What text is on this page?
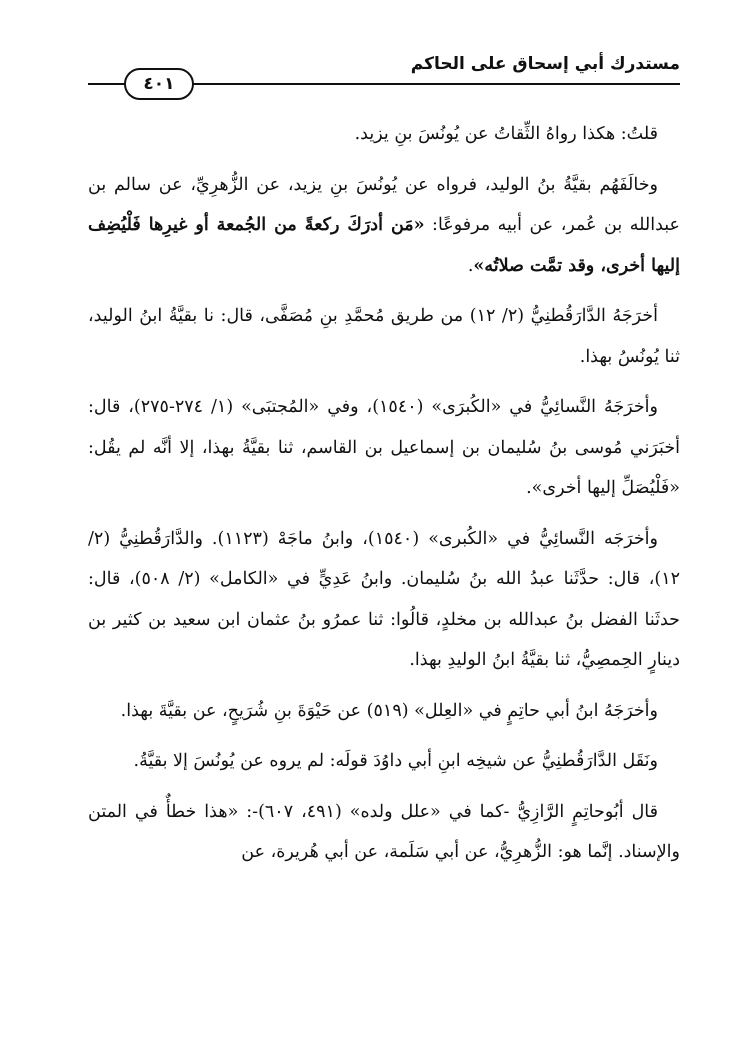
مستدرك أبي إسحاق على الحاكم
٤٠١

قلتُ: هكذا رواهُ الثِّقاتُ عن يُونُسَ بنِ يزيد.

وخالَفَهُم بقيَّةُ بنُ الوليد، فرواه عن يُونُسَ بنِ يزيد، عن الزُّهرِيِّ، عن سالم بن عبدالله بن عُمر، عن أبيه مرفوعًا: «مَن أدرَكَ ركعةً من الجُمعة أو غيرِها فَلْيُضِف إليها أخرى، وقد تمَّت صلاتُه».

أخرَجَهُ الدَّارَقُطنِيُّ (٢/ ١٢) من طريق مُحمَّدِ بنِ مُصَفَّى، قال: نا بقيَّةُ ابنُ الوليد، ثنا يُونُسُ بهذا.

وأخرَجَهُ النَّسائِيُّ في «الكُبرَى» (١٥٤٠)، وفي «المُجتبَى» (١/ ٢٧٤-٢٧٥)، قال: أخبَرَني مُوسى بنُ سُليمان بن إسماعيل بن القاسم، ثنا بقيَّةُ بهذا، إلا أنَّه لم يقُل: «فَلْيُصَلِّ إليها أخرى».

وأخرَجَه النَّسائِيُّ في «الكُبرى» (١٥٤٠)، وابنُ ماجَهْ (١١٢٣). والدَّارَقُطنِيُّ (٢/ ١٢)، قال: حدَّثَنا عبدُ الله بنُ سُليمان. وابنُ عَدِيٍّ في «الكامل» (٢/ ٥٠٨)، قال: حدثَنا الفضل بنُ عبدالله بن مخلدٍ، قالُوا: ثنا عمرُو بنُ عثمان ابن سعيد بن كثير بن دينارٍ الحِمصِيُّ، ثنا بقيَّةُ ابنُ الوليدِ بهذا.

وأخرَجَهُ ابنُ أبي حاتِمٍ في «العِلل» (٥١٩) عن حَيْوَةَ بنِ شُرَيحٍ، عن بقيَّةَ بهذا.

ونَقَل الدَّارَقُطنِيُّ عن شيخِه ابنِ أبي داوُدَ قولَه: لم يروه عن يُونُسَ إلا بقيَّةُ.

قال أبُوحاتِمٍ الرَّازِيُّ -كما في «علل ولده» (٤٩١، ٦٠٧)-: «هذا خطأٌ في المتن والإسناد. إنَّما هو: الزُّهرِيُّ، عن أبي سَلَمة، عن أبي هُريرة، عن
